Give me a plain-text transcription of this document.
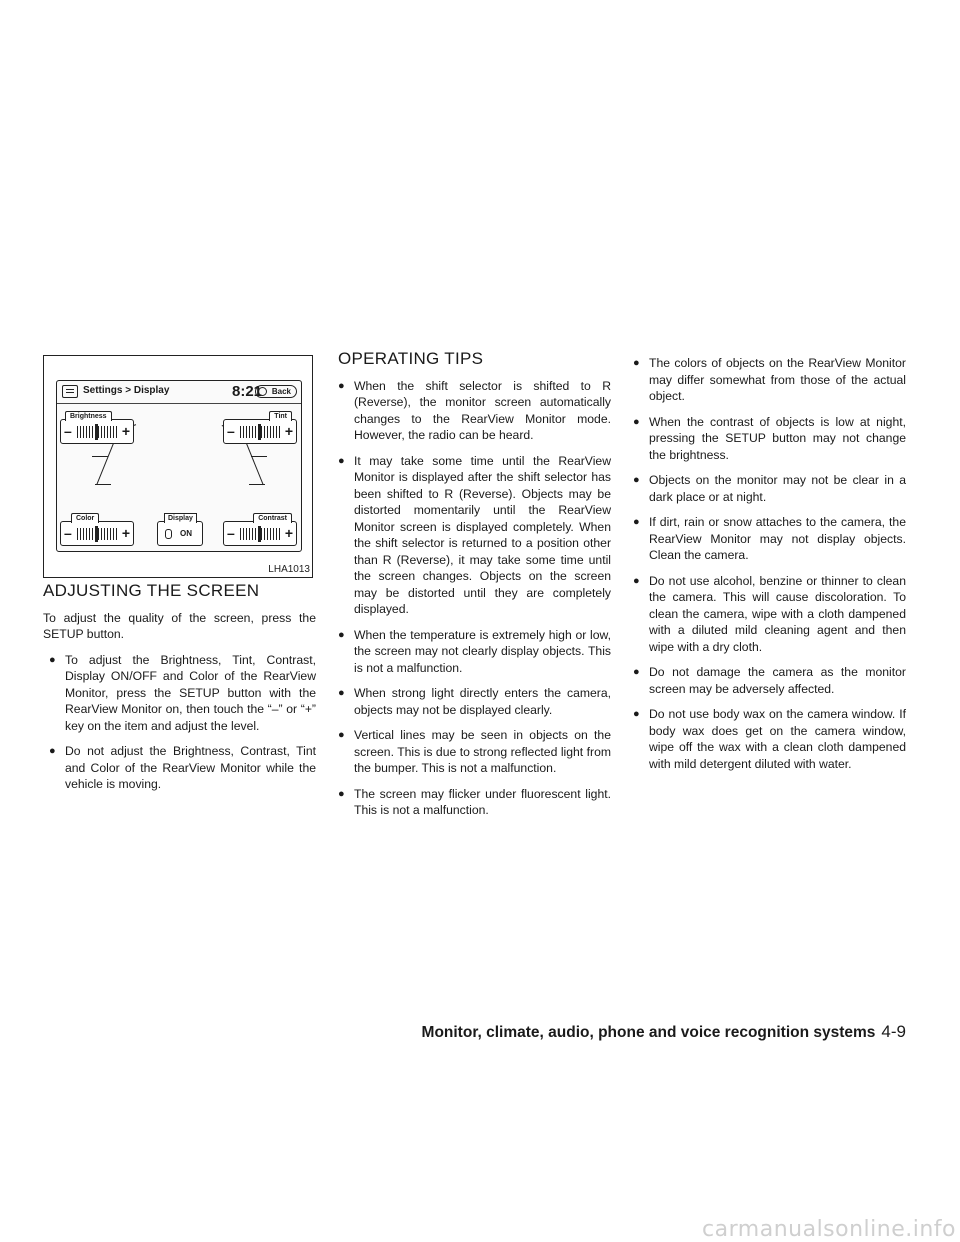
Settings > Display	8:21	Back
Brightness
–	+
Tint
–	+
Color
–	+
Display
ON
Contrast
–	+
LHA1013
ADJUSTING THE SCREEN

To adjust the quality of the screen, press the SETUP button.

● To adjust the Brightness, Tint, Contrast, Display ON/OFF and Color of the RearView Monitor, press the SETUP button with the RearView Monitor on, then touch the “–” or “+” key on the item and adjust the level.
● Do not adjust the Brightness, Contrast, Tint and Color of the RearView Monitor while the vehicle is moving.
OPERATING TIPS
● When the shift selector is shifted to R (Reverse), the monitor screen automatically changes to the RearView Monitor mode. However, the radio can be heard.
● It may take some time until the RearView Monitor is displayed after the shift selector has been shifted to R (Reverse). Objects may be distorted momentarily until the RearView Monitor screen is displayed completely. When the shift selector is returned to a position other than R (Reverse), it may take some time until the screen changes. Objects on the screen may be distorted until they are completely displayed.
● When the temperature is extremely high or low, the screen may not clearly display objects. This is not a malfunction.
● When strong light directly enters the camera, objects may not be displayed clearly.
● Vertical lines may be seen in objects on the screen. This is due to strong reflected light from the bumper. This is not a malfunction.
● The screen may flicker under fluorescent light. This is not a malfunction.
● The colors of objects on the RearView Monitor may differ somewhat from those of the actual object.
● When the contrast of objects is low at night, pressing the SETUP button may not change the brightness.
● Objects on the monitor may not be clear in a dark place or at night.
● If dirt, rain or snow attaches to the camera, the RearView Monitor may not display objects. Clean the camera.
● Do not use alcohol, benzine or thinner to clean the camera. This will cause discoloration. To clean the camera, wipe with a cloth dampened with a diluted mild cleaning agent and then wipe with a dry cloth.
● Do not damage the camera as the monitor screen may be adversely affected.
● Do not use body wax on the camera window. If body wax does get on the camera window, wipe off the wax with a clean cloth dampened with mild detergent diluted with water.
Monitor, climate, audio, phone and voice recognition systems 4-9
carmanualsonline.info
